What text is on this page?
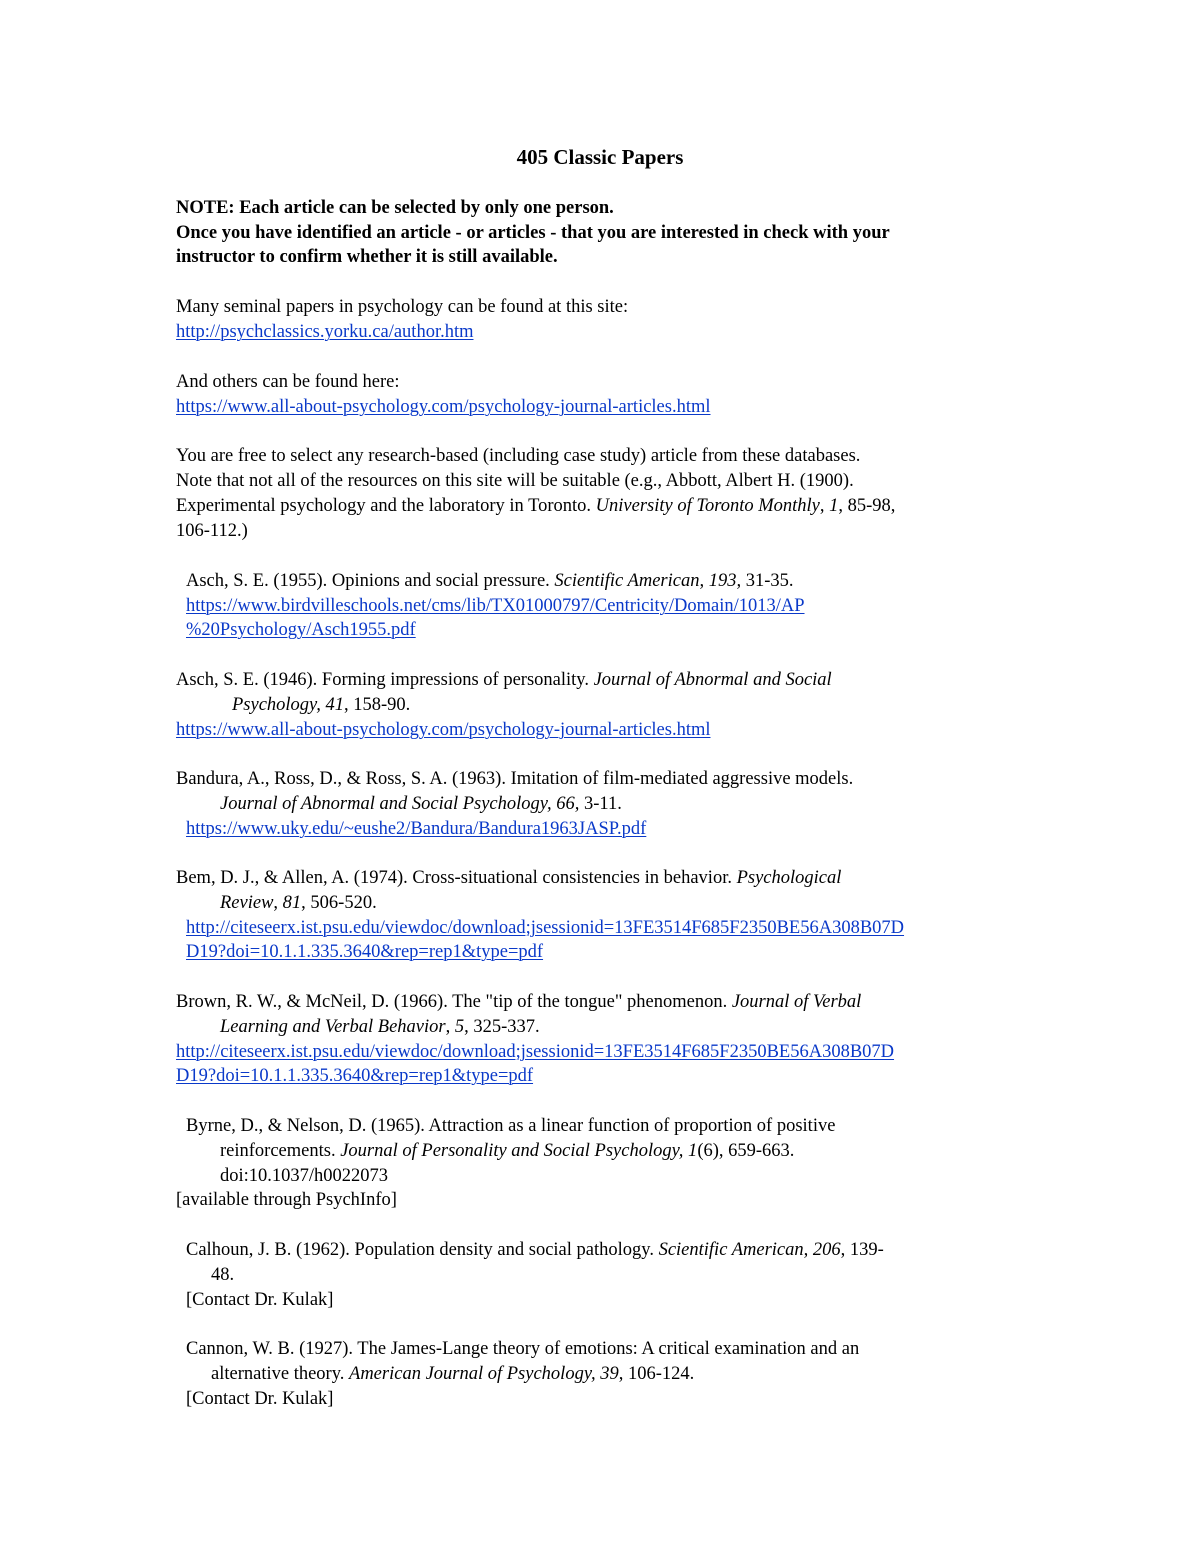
405 Classic Papers
NOTE: Each article can be selected by only one person.
Once you have identified an article - or articles - that you are interested in check with your
instructor to confirm whether it is still available.
Many seminal papers in psychology can be found at this site:
http://psychclassics.yorku.ca/author.htm
And others can be found here:
https://www.all-about-psychology.com/psychology-journal-articles.html
You are free to select any research-based (including case study) article from these databases.
Note that not all of the resources on this site will be suitable (e.g., Abbott, Albert H. (1900).
Experimental psychology and the laboratory in Toronto. University of Toronto Monthly, 1, 85-98,
106-112.)
Asch, S. E. (1955). Opinions and social pressure. Scientific American, 193, 31-35.
https://www.birdvilleschools.net/cms/lib/TX01000797/Centricity/Domain/1013/AP
%20Psychology/Asch1955.pdf
Asch, S. E. (1946). Forming impressions of personality. Journal of Abnormal and Social
Psychology, 41, 158-90.
https://www.all-about-psychology.com/psychology-journal-articles.html
Bandura, A., Ross, D., & Ross, S. A. (1963). Imitation of film-mediated aggressive models.
Journal of Abnormal and Social Psychology, 66, 3-11.
https://www.uky.edu/~eushe2/Bandura/Bandura1963JASP.pdf
Bem, D. J., & Allen, A. (1974). Cross-situational consistencies in behavior. Psychological
Review, 81, 506-520.
http://citeseerx.ist.psu.edu/viewdoc/download;jsessionid=13FE3514F685F2350BE56A308B07D
D19?doi=10.1.1.335.3640&rep=rep1&type=pdf
Brown, R. W., & McNeil, D. (1966). The "tip of the tongue" phenomenon. Journal of Verbal
Learning and Verbal Behavior, 5, 325-337.
http://citeseerx.ist.psu.edu/viewdoc/download;jsessionid=13FE3514F685F2350BE56A308B07D
D19?doi=10.1.1.335.3640&rep=rep1&type=pdf
Byrne, D., & Nelson, D. (1965). Attraction as a linear function of proportion of positive
reinforcements. Journal of Personality and Social Psychology, 1(6), 659-663.
doi:10.1037/h0022073
[available through PsychInfo]
Calhoun, J. B. (1962). Population density and social pathology. Scientific American, 206, 139-
48.
[Contact Dr. Kulak]
Cannon, W. B. (1927). The James-Lange theory of emotions: A critical examination and an
alternative theory. American Journal of Psychology, 39, 106-124.
[Contact Dr. Kulak]
